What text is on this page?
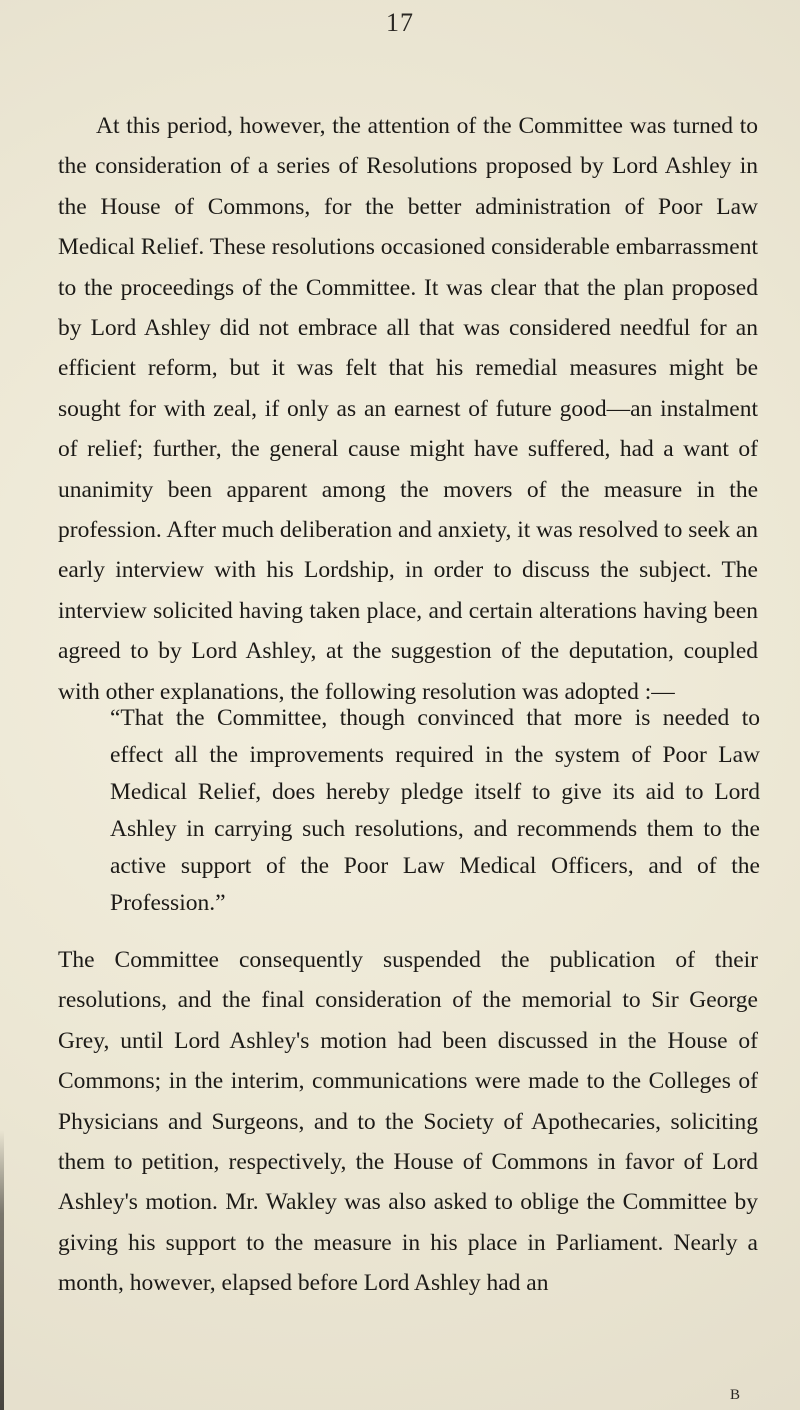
17

At this period, however, the attention of the Committee was turned to the consideration of a series of Resolutions proposed by Lord Ashley in the House of Commons, for the better administration of Poor Law Medical Relief. These resolutions occasioned considerable embarrassment to the proceedings of the Committee. It was clear that the plan proposed by Lord Ashley did not embrace all that was considered needful for an efficient reform, but it was felt that his remedial measures might be sought for with zeal, if only as an earnest of future good—an instalment of relief; further, the general cause might have suffered, had a want of unanimity been apparent among the movers of the measure in the profession. After much deliberation and anxiety, it was resolved to seek an early interview with his Lordship, in order to discuss the subject. The interview solicited having taken place, and certain alterations having been agreed to by Lord Ashley, at the suggestion of the deputation, coupled with other explanations, the following resolution was adopted :—

“That the Committee, though convinced that more is needed to effect all the improvements required in the system of Poor Law Medical Relief, does hereby pledge itself to give its aid to Lord Ashley in carrying such resolutions, and recommends them to the active support of the Poor Law Medical Officers, and of the Profession.”

The Committee consequently suspended the publication of their resolutions, and the final consideration of the memorial to Sir George Grey, until Lord Ashley's motion had been discussed in the House of Commons; in the interim, communications were made to the Colleges of Physicians and Surgeons, and to the Society of Apothecaries, soliciting them to petition, respectively, the House of Commons in favor of Lord Ashley's motion. Mr. Wakley was also asked to oblige the Committee by giving his support to the measure in his place in Parliament. Nearly a month, however, elapsed before Lord Ashley had an

B
